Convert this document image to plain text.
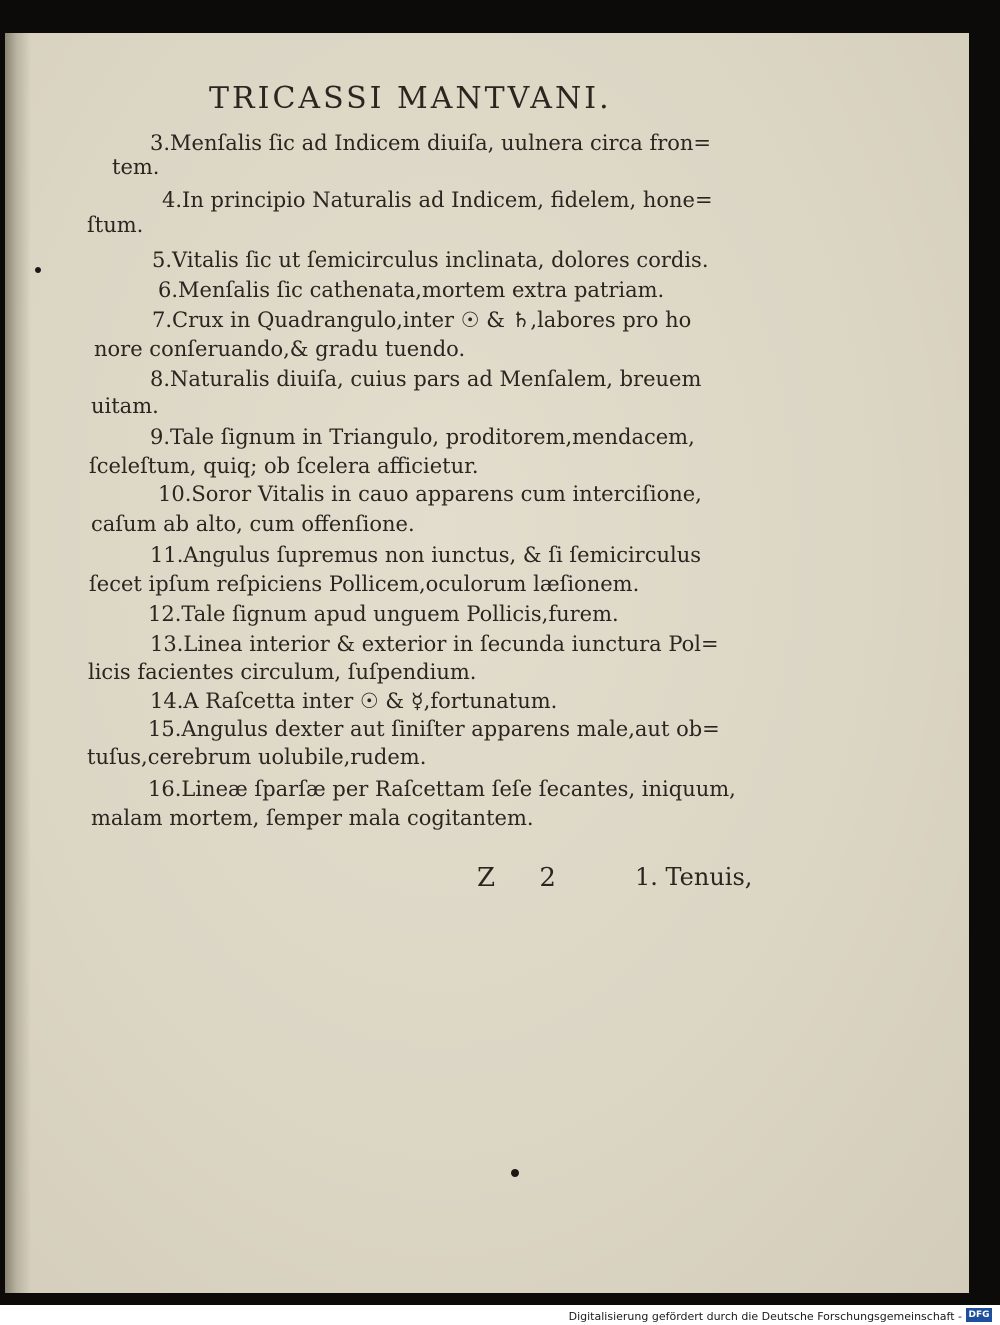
TRICASSI MANTVANI.
3.Menſalis ſic ad Indicem diuiſa, uulnera circa fron=
tem.
4.In principio Naturalis ad Indicem, fidelem, hone=
ſtum.
5.Vitalis ſic ut ſemicirculus inclinata, dolores cordis.
6.Menſalis ſic cathenata,mortem extra patriam.
7.Crux in Quadrangulo,inter ☉ & ♄,labores pro ho
nore conſeruando,& gradu tuendo.
8.Naturalis diuiſa, cuius pars ad Menſalem, breuem
uitam.
9.Tale ſignum in Triangulo, proditorem,mendacem,
ſceleſtum, quiq; ob ſcelera afficietur.
10.Soror Vitalis in cauo apparens cum interciſione,
caſum ab alto, cum offenſione.
11.Angulus ſupremus non iunctus, & ſi ſemicirculus
ſecet ipſum reſpiciens Pollicem,oculorum læſionem.
12.Tale ſignum apud unguem Pollicis,furem.
13.Linea interior & exterior in ſecunda iunctura Pol=
licis facientes circulum, ſuſpendium.
14.A Raſcetta inter ☉ & ☿,fortunatum.
15.Angulus dexter aut ſiniſter apparens male,aut ob=
tuſus,cerebrum uolubile,rudem.
16.Lineæ ſparſæ per Raſcettam ſeſe ſecantes, iniquum,
malam mortem, ſemper mala cogitantem.
Z 2	1. Tenuis,
Digitalisierung gefördert durch die Deutsche Forschungsgemeinschaft - DFG
